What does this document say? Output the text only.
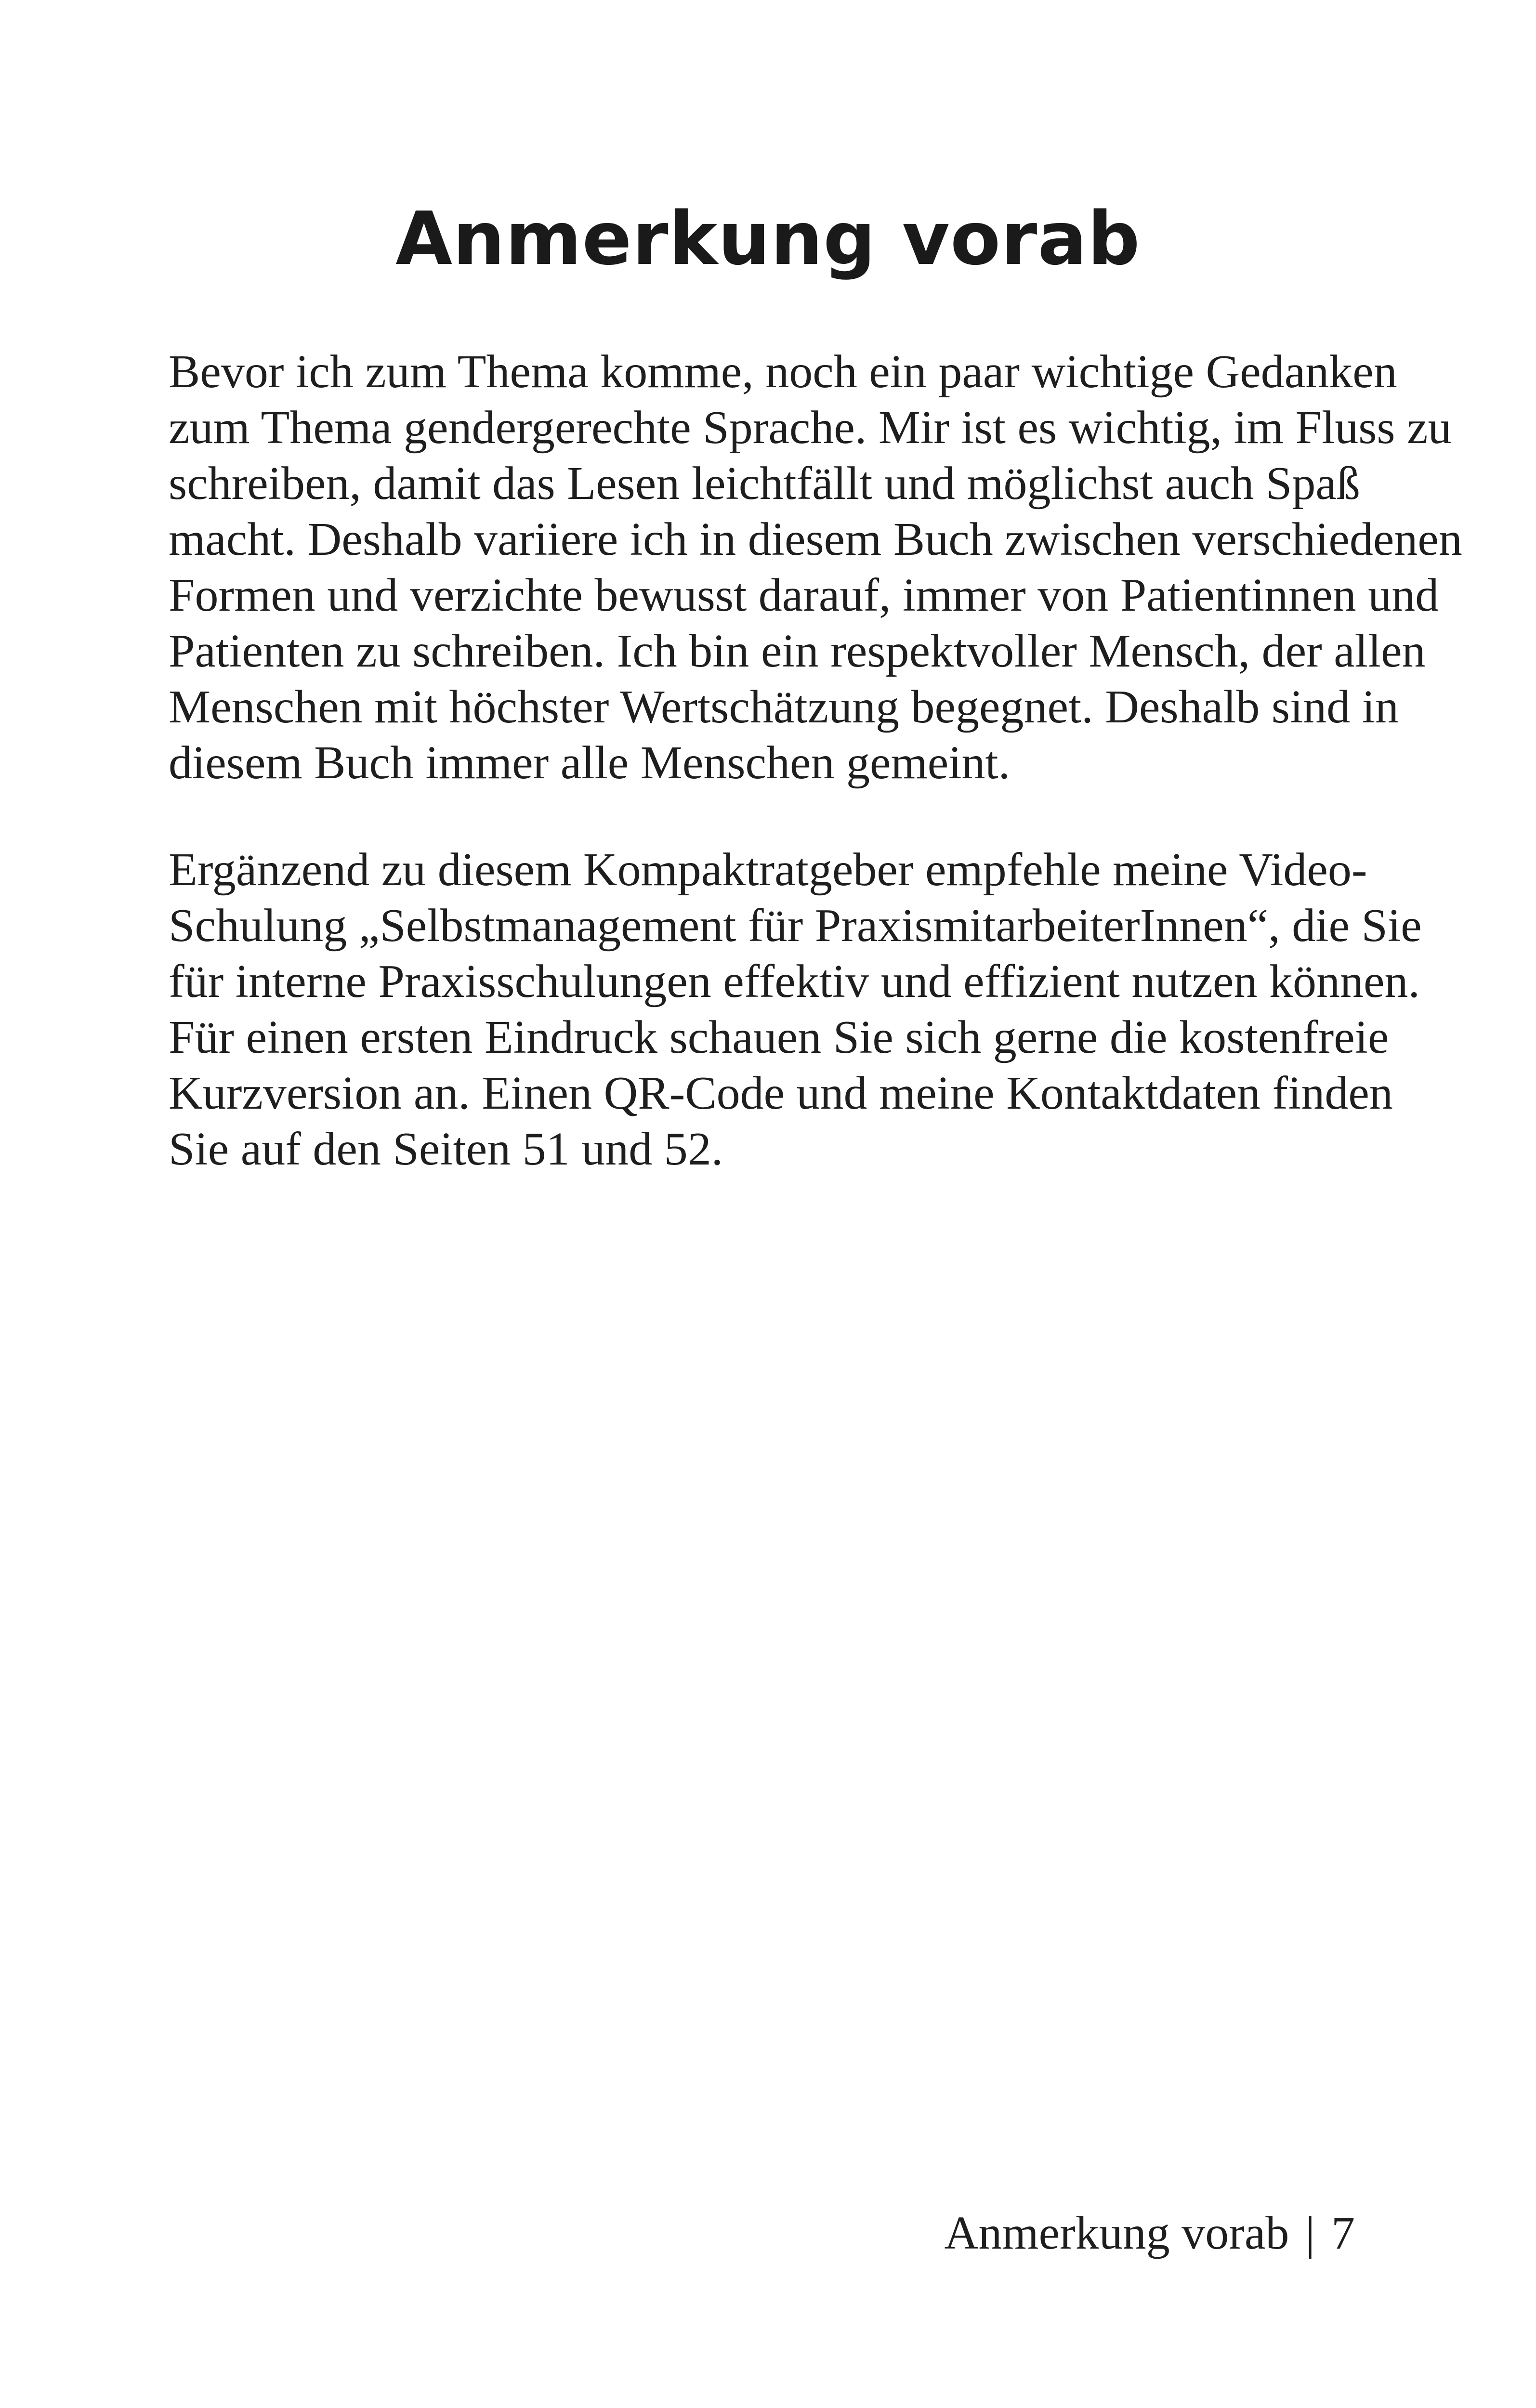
Anmerkung vorab
Bevor ich zum Thema komme, noch ein paar wichtige Gedanken
zum Thema gendergerechte Sprache. Mir ist es wichtig, im Fluss zu
schreiben, damit das Lesen leichtfällt und möglichst auch Spaß
macht. Deshalb variiere ich in diesem Buch zwischen verschiedenen
Formen und verzichte bewusst darauf, immer von Patientinnen und
Patienten zu schreiben. Ich bin ein respektvoller Mensch, der allen
Menschen mit höchster Wertschätzung begegnet. Deshalb sind in
diesem Buch immer alle Menschen gemeint.
Ergänzend zu diesem Kompaktratgeber empfehle meine Video-
Schulung „Selbstmanagement für PraxismitarbeiterInnen“, die Sie
für interne Praxisschulungen effektiv und effizient nutzen können.
Für einen ersten Eindruck schauen Sie sich gerne die kostenfreie
Kurzversion an. Einen QR-Code und meine Kontaktdaten finden
Sie auf den Seiten 51 und 52.
Anmerkung vorab | 7
